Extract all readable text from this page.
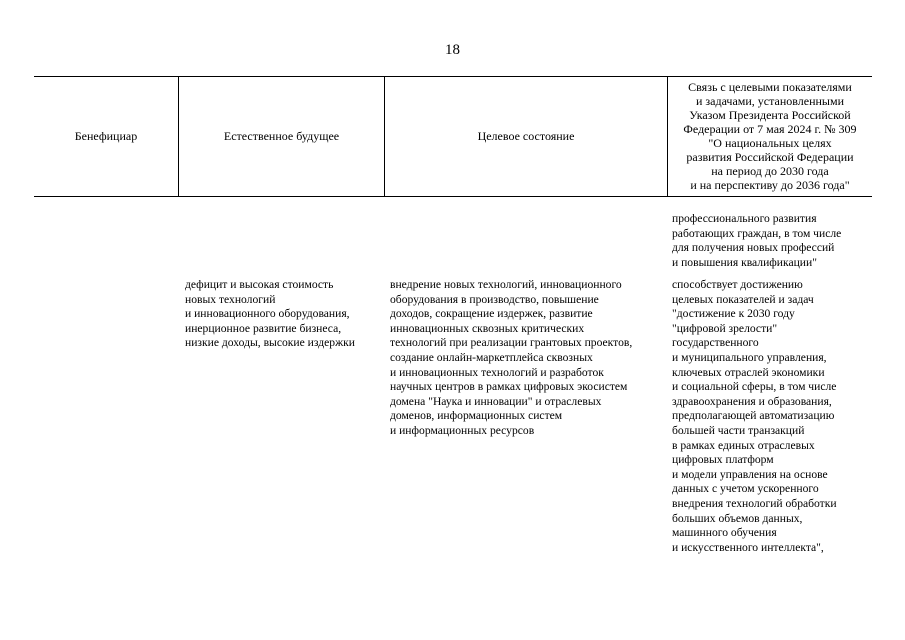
18
Бенефициар	Естественное будущее	Целевое состояние
Связь с целевыми показателями
и задачами, установленными
Указом Президента Российской
Федерации от 7 мая 2024 г. № 309
"О национальных целях
развития Российской Федерации
на период до 2030 года
и на перспективу до 2036 года"
профессионального развития
работающих граждан, в том числе
для получения новых профессий
и повышения квалификации"
дефицит и высокая стоимость
новых технологий
и инновационного оборудования,
инерционное развитие бизнеса,
низкие доходы, высокие издержки
внедрение новых технологий, инновационного
оборудования в производство, повышение
доходов, сокращение издержек, развитие
инновационных сквозных критических
технологий при реализации грантовых проектов,
создание онлайн-маркетплейса сквозных
и инновационных технологий и разработок
научных центров в рамках цифровых экосистем
домена "Наука и инновации" и отраслевых
доменов, информационных систем
и информационных ресурсов
способствует достижению
целевых показателей и задач
"достижение к 2030 году
"цифровой зрелости"
государственного
и муниципального управления,
ключевых отраслей экономики
и социальной сферы, в том числе
здравоохранения и образования,
предполагающей автоматизацию
большей части транзакций
в рамках единых отраслевых
цифровых платформ
и модели управления на основе
данных с учетом ускоренного
внедрения технологий обработки
больших объемов данных,
машинного обучения
и искусственного интеллекта",
